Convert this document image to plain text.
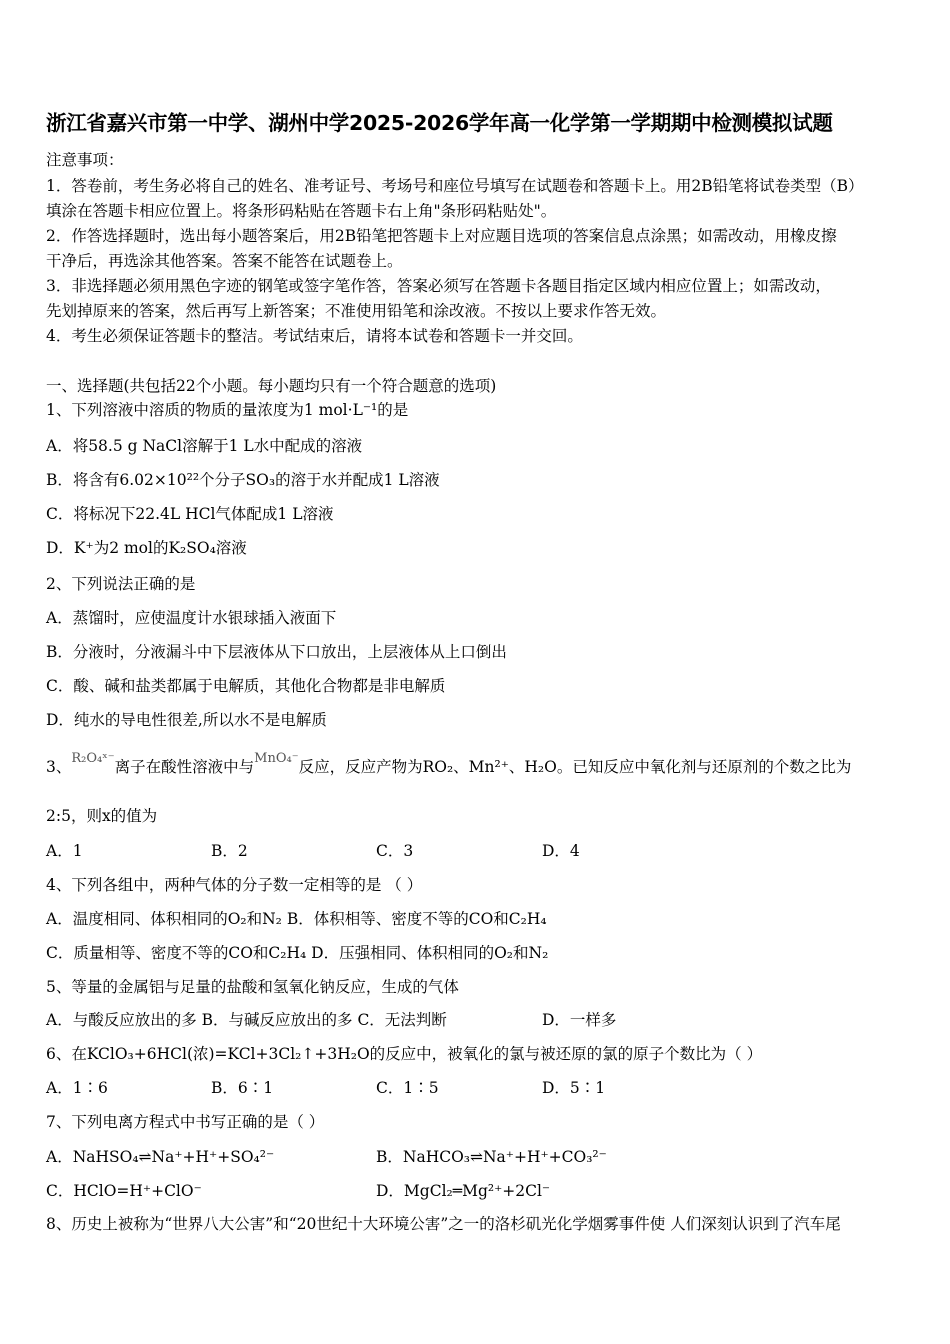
浙江省嘉兴市第一中学、湖州中学2025-2026学年高一化学第一学期期中检测模拟试题
注意事项：
1．答卷前，考生务必将自己的姓名、准考证号、考场号和座位号填写在试题卷和答题卡上。用2B铅笔将试卷类型（B）
填涂在答题卡相应位置上。将条形码粘贴在答题卡右上角"条形码粘贴处"。
2．作答选择题时，选出每小题答案后，用2B铅笔把答题卡上对应题目选项的答案信息点涂黑；如需改动，用橡皮擦
干净后，再选涂其他答案。答案不能答在试题卷上。
3．非选择题必须用黑色字迹的钢笔或签字笔作答，答案必须写在答题卡各题目指定区域内相应位置上；如需改动，
先划掉原来的答案，然后再写上新答案；不准使用铅笔和涂改液。不按以上要求作答无效。
4．考生必须保证答题卡的整洁。考试结束后，请将本试卷和答题卡一并交回。
一、选择题(共包括22个小题。每小题均只有一个符合题意的选项)
1、下列溶液中溶质的物质的量浓度为1 mol·L⁻¹的是
A．将58.5 g NaCl溶解于1 L水中配成的溶液
B．将含有6.02×10²²个分子SO₃的溶于水并配成1 L溶液
C．将标况下22.4L HCl气体配成1 L溶液
D．K⁺为2 mol的K₂SO₄溶液
2、下列说法正确的是
A．蒸馏时，应使温度计水银球插入液面下
B．分液时，分液漏斗中下层液体从下口放出，上层液体从上口倒出
C．酸、碱和盐类都属于电解质，其他化合物都是非电解质
D．纯水的导电性很差,所以水不是电解质
3、$^{R_2O_4ˣ^-}$离子在酸性溶液中与$^{MnO_4^-}$反应，反应产物为RO₂、Mn²⁺、H₂O。已知反应中氧化剂与还原剂的个数之比为
2:5，则x的值为
A．1	B．2	C．3	D．4
4、下列各组中，两种气体的分子数一定相等的是 （ ）
A．温度相同、体积相同的O₂和N₂ B．体积相等、密度不等的CO和C₂H₄
C．质量相等、密度不等的CO和C₂H₄ D．压强相同、体积相同的O₂和N₂
5、等量的金属铝与足量的盐酸和氢氧化钠反应，生成的气体
A．与酸反应放出的多 B．与碱反应放出的多 C．无法判断	D．一样多
6、在KClO₃+6HCl(浓)=KCl+3Cl₂↑+3H₂O的反应中，被氧化的氯与被还原的氯的原子个数比为（ ）
A．1∶6	B．6∶1	C．1∶5	D．5∶1
7、下列电离方程式中书写正确的是（ ）
A．NaHSO₄⇌Na⁺+H⁺+SO₄²⁻	B．NaHCO₃⇌Na⁺+H⁺+CO₃²⁻
C．HClO=H⁺+ClO⁻	D．MgCl₂═Mg²⁺+2Cl⁻
8、历史上被称为“世界八大公害”和“20世纪十大环境公害”之一的洛杉矶光化学烟雾事件使 人们深刻认识到了汽车尾
